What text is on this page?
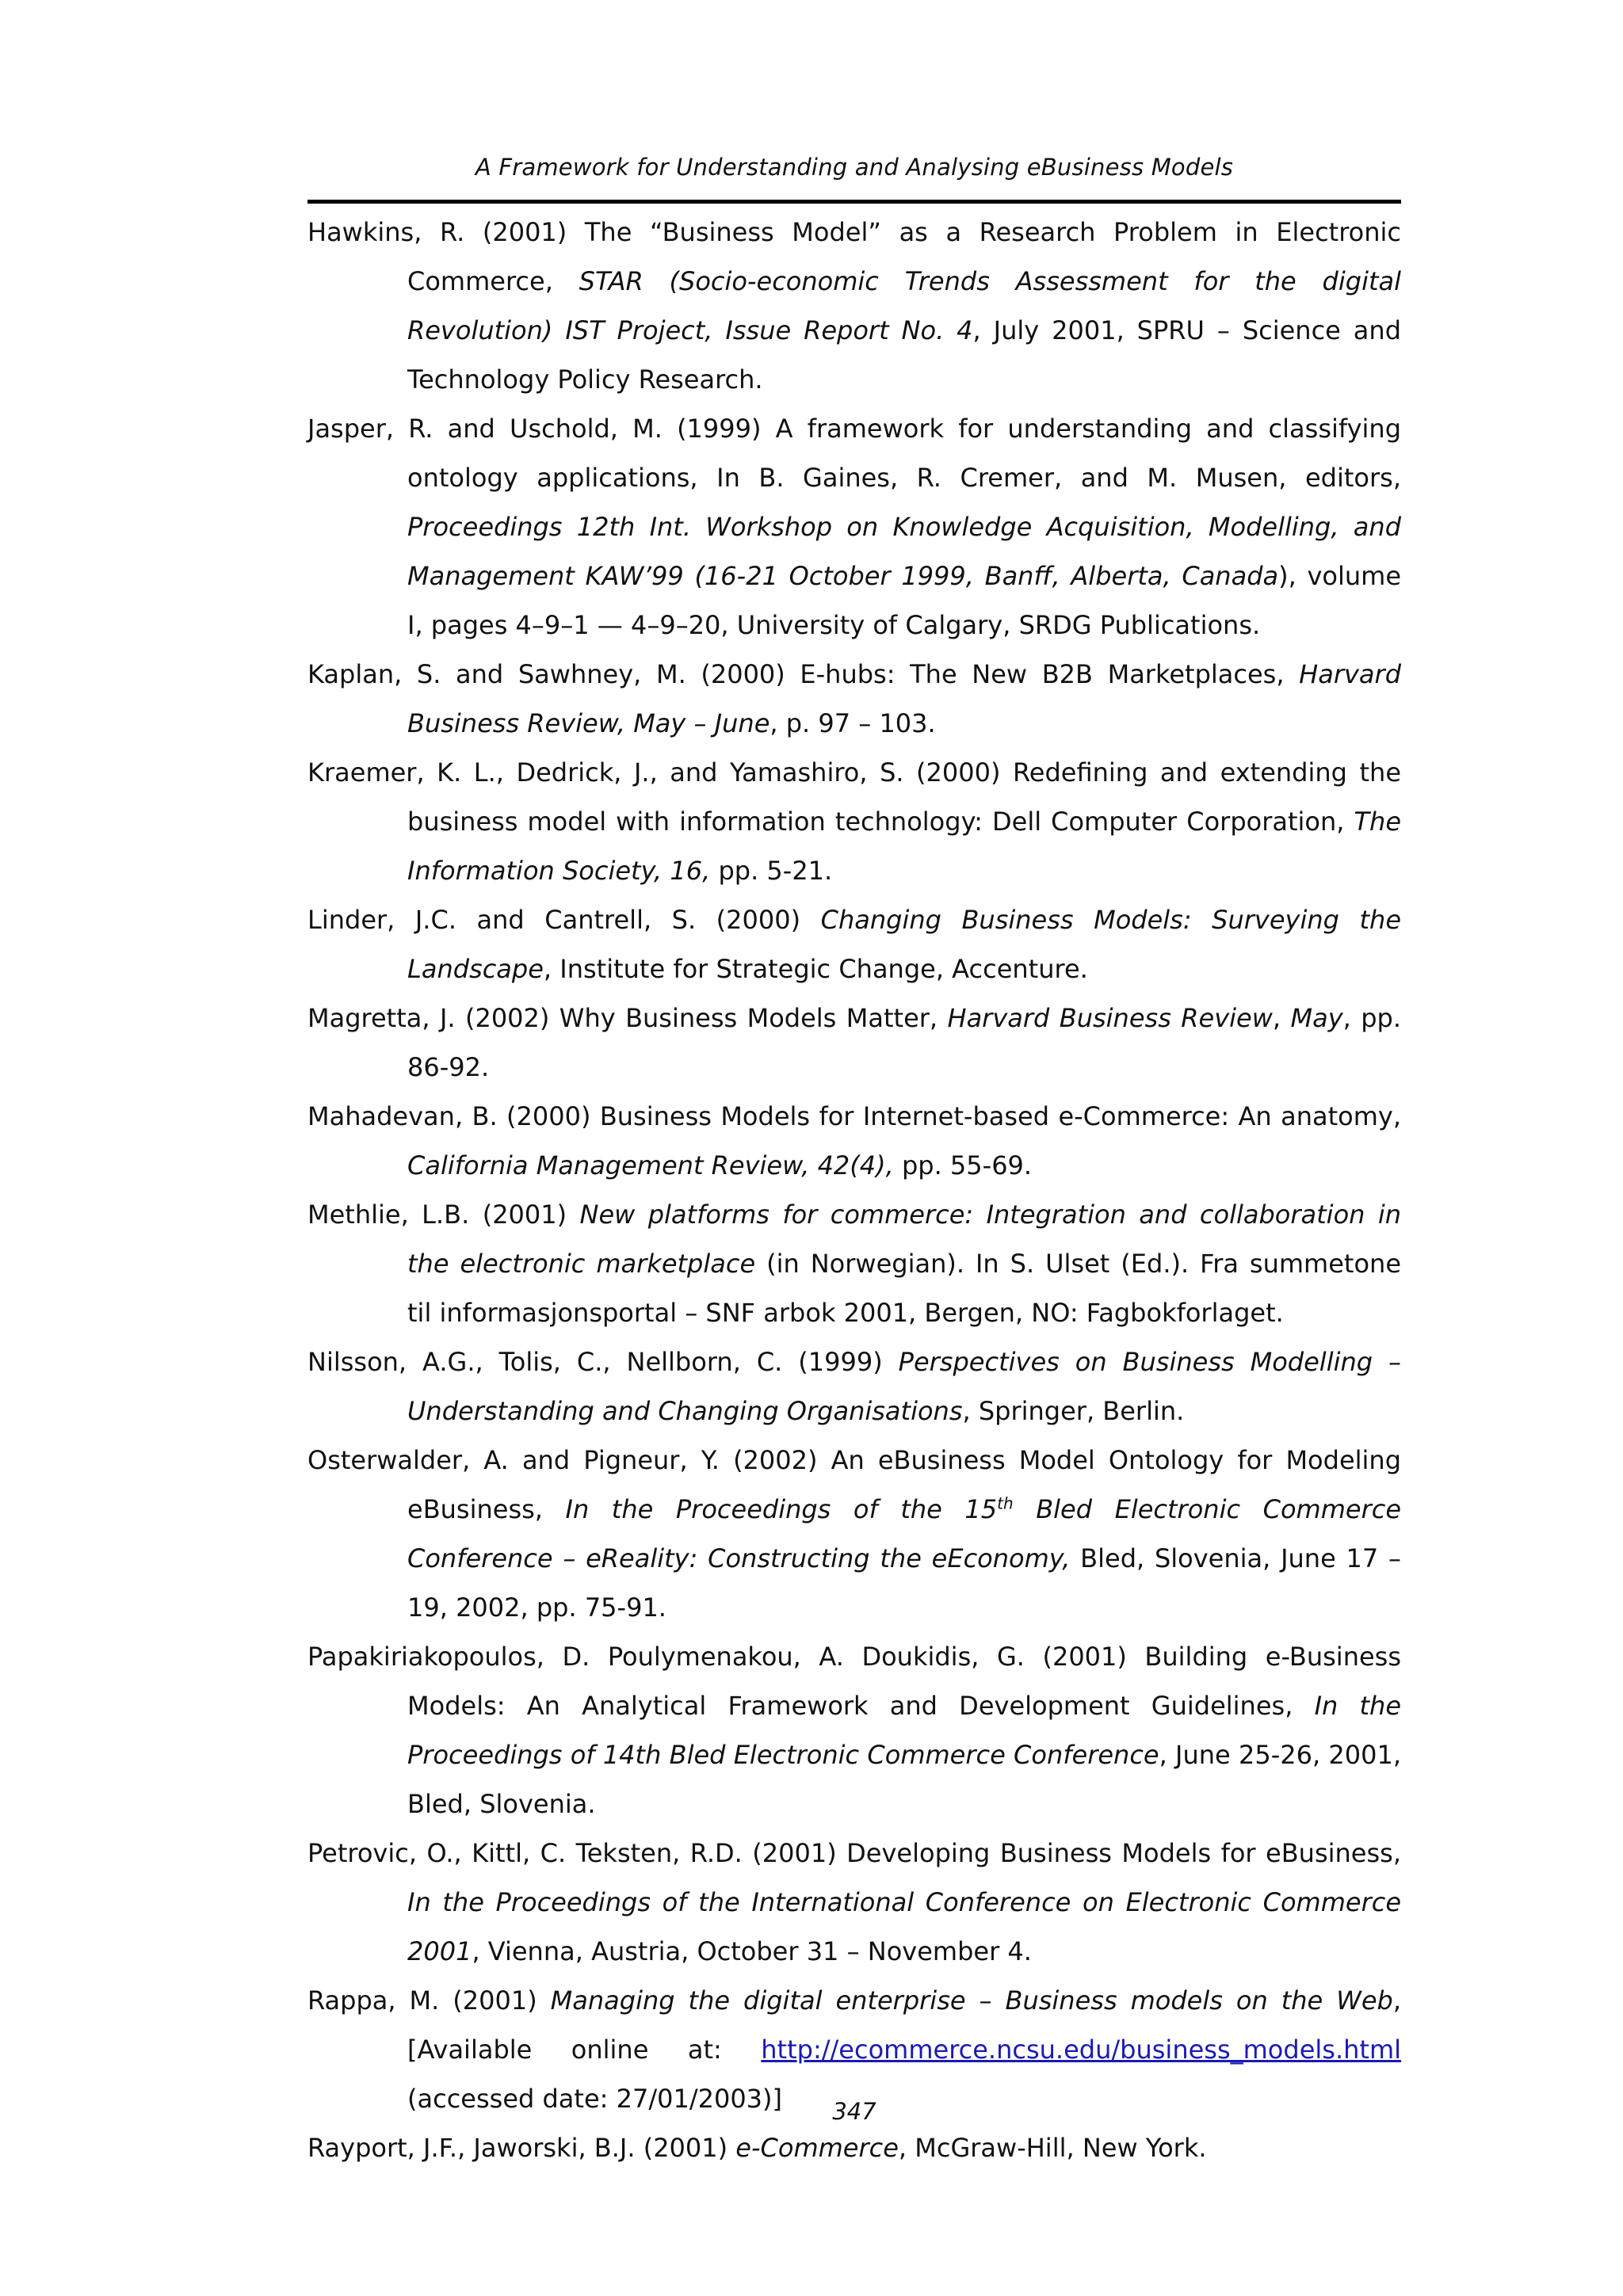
A Framework for Understanding and Analysing eBusiness Models

Hawkins, R. (2001) The “Business Model” as a Research Problem in Electronic Commerce, STAR (Socio-economic Trends Assessment for the digital Revolution) IST Project, Issue Report No. 4, July 2001, SPRU – Science and Technology Policy Research.

Jasper, R. and Uschold, M. (1999) A framework for understanding and classifying ontology applications, In B. Gaines, R. Cremer, and M. Musen, editors, Proceedings 12th Int. Workshop on Knowledge Acquisition, Modelling, and Management KAW’99 (16-21 October 1999, Banff, Alberta, Canada), volume I, pages 4–9–1 — 4–9–20, University of Calgary, SRDG Publications.

Kaplan, S. and Sawhney, M. (2000) E-hubs: The New B2B Marketplaces, Harvard Business Review, May – June, p. 97 – 103.

Kraemer, K. L., Dedrick, J., and Yamashiro, S. (2000) Redefining and extending the business model with information technology: Dell Computer Corporation, The Information Society, 16, pp. 5-21.

Linder, J.C. and Cantrell, S. (2000) Changing Business Models: Surveying the Landscape, Institute for Strategic Change, Accenture.

Magretta, J. (2002) Why Business Models Matter, Harvard Business Review, May, pp. 86-92.

Mahadevan, B. (2000) Business Models for Internet-based e-Commerce: An anatomy, California Management Review, 42(4), pp. 55-69.

Methlie, L.B. (2001) New platforms for commerce: Integration and collaboration in the electronic marketplace (in Norwegian). In S. Ulset (Ed.). Fra summetone til informasjonsportal – SNF arbok 2001, Bergen, NO: Fagbokforlaget.

Nilsson, A.G., Tolis, C., Nellborn, C. (1999) Perspectives on Business Modelling – Understanding and Changing Organisations, Springer, Berlin.

Osterwalder, A. and Pigneur, Y. (2002) An eBusiness Model Ontology for Modeling eBusiness, In the Proceedings of the 15th Bled Electronic Commerce Conference – eReality: Constructing the eEconomy, Bled, Slovenia, June 17 – 19, 2002, pp. 75-91.

Papakiriakopoulos, D. Poulymenakou, A. Doukidis, G. (2001) Building e-Business Models: An Analytical Framework and Development Guidelines, In the Proceedings of 14th Bled Electronic Commerce Conference, June 25-26, 2001, Bled, Slovenia.

Petrovic, O., Kittl, C. Teksten, R.D. (2001) Developing Business Models for eBusiness, In the Proceedings of the International Conference on Electronic Commerce 2001, Vienna, Austria, October 31 – November 4.

Rappa, M. (2001) Managing the digital enterprise – Business models on the Web, [Available online at: http://ecommerce.ncsu.edu/business_models.html (accessed date: 27/01/2003)]

Rayport, J.F., Jaworski, B.J. (2001) e-Commerce, McGraw-Hill, New York.

347
